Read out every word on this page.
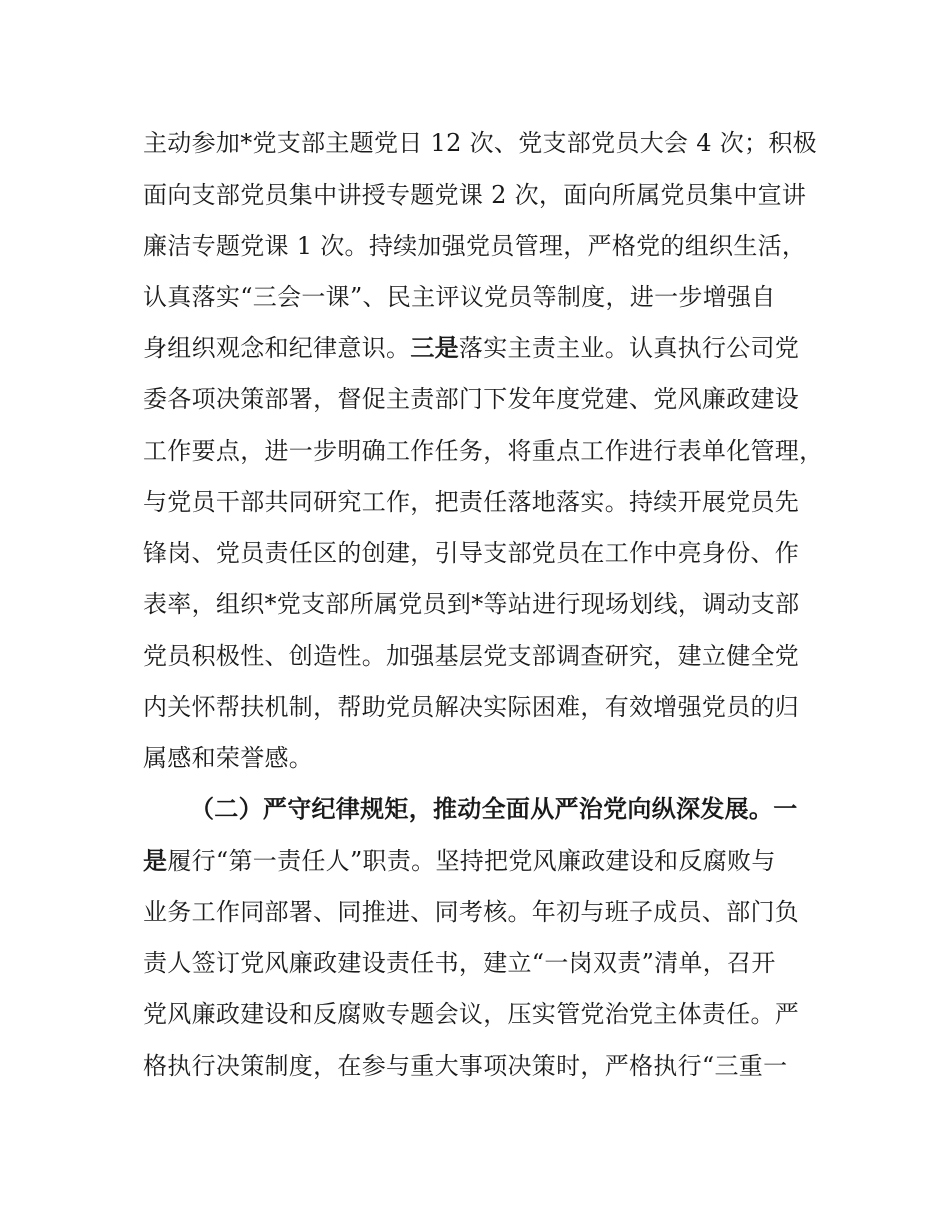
主动参加*党支部主题党日 12 次、党支部党员大会 4 次；积极
面向支部党员集中讲授专题党课 2 次，面向所属党员集中宣讲
廉洁专题党课 1 次。持续加强党员管理，严格党的组织生活，
认真落实“三会一课”、民主评议党员等制度，进一步增强自
身组织观念和纪律意识。三是落实主责主业。认真执行公司党
委各项决策部署，督促主责部门下发年度党建、党风廉政建设
工作要点，进一步明确工作任务，将重点工作进行表单化管理，
与党员干部共同研究工作，把责任落地落实。持续开展党员先
锋岗、党员责任区的创建，引导支部党员在工作中亮身份、作
表率，组织*党支部所属党员到*等站进行现场划线，调动支部
党员积极性、创造性。加强基层党支部调查研究，建立健全党
内关怀帮扶机制，帮助党员解决实际困难，有效增强党员的归
属感和荣誉感。
（二）严守纪律规矩，推动全面从严治党向纵深发展。一
是履行“第一责任人”职责。坚持把党风廉政建设和反腐败与
业务工作同部署、同推进、同考核。年初与班子成员、部门负
责人签订党风廉政建设责任书，建立“一岗双责”清单，召开
党风廉政建设和反腐败专题会议，压实管党治党主体责任。严
格执行决策制度，在参与重大事项决策时，严格执行“三重一
